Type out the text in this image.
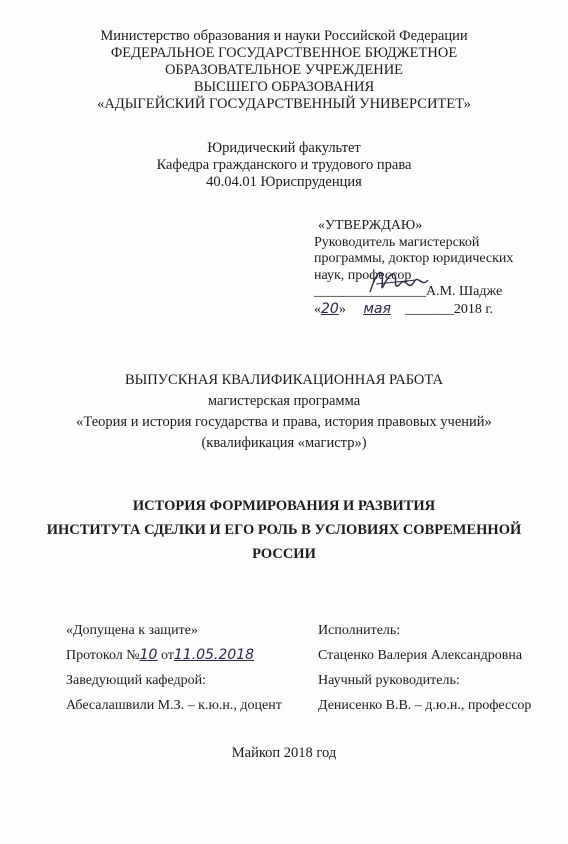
Министерство образования и науки Российской Федерации

ФЕДЕРАЛЬНОЕ ГОСУДАРСТВЕННОЕ БЮДЖЕТНОЕ

ОБРАЗОВАТЕЛЬНОЕ УЧРЕЖДЕНИЕ

ВЫСШЕГО ОБРАЗОВАНИЯ

«АДЫГЕЙСКИЙ ГОСУДАРСТВЕННЫЙ УНИВЕРСИТЕТ»

Юридический факультет

Кафедра гражданского и трудового права

40.04.01 Юриспруденция

«УТВЕРЖДАЮ»

Руководитель магистерской

программы, доктор юридических

наук, профессор

________________А.М. Шадже

«20» мая _______2018 г.

ВЫПУСКНАЯ КВАЛИФИКАЦИОННАЯ РАБОТА

магистерская программа

«Теория и история государства и права, история правовых учений»

(квалификация «магистр»)

ИСТОРИЯ ФОРМИРОВАНИЯ И РАЗВИТИЯ

ИНСТИТУТА СДЕЛКИ И ЕГО РОЛЬ В УСЛОВИЯХ СОВРЕМЕННОЙ

РОССИИ

«Допущена к защите»

Протокол №10 от11.05.2018

Заведующий кафедрой:

Абесалашвили М.З. – к.ю.н., доцент

Исполнитель:

Стаценко Валерия Александровна

Научный руководитель:

Денисенко В.В. – д.ю.н., профессор

Майкоп 2018 год
